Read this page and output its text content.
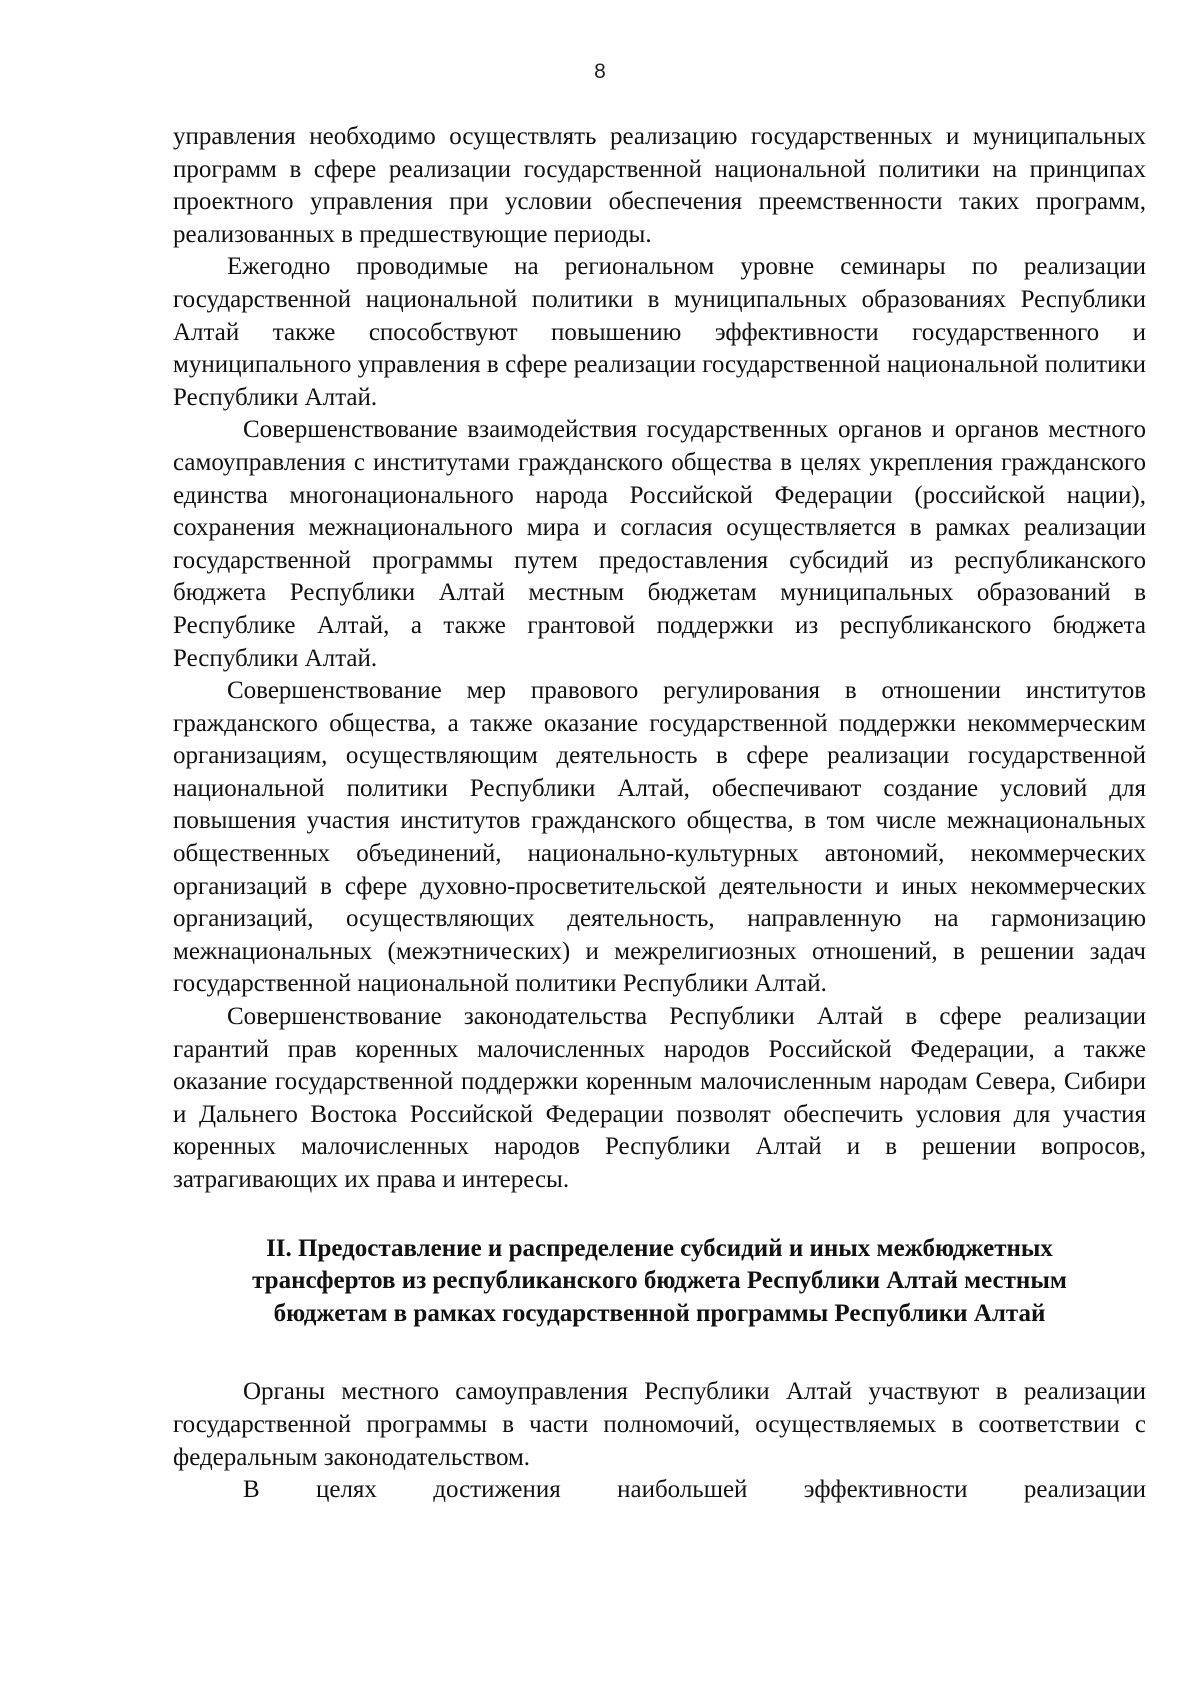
8

управления необходимо осуществлять реализацию государственных и муниципальных программ в сфере реализации государственной национальной политики на принципах проектного управления при условии обеспечения преемственности таких программ, реализованных в предшествующие периоды.

Ежегодно проводимые на региональном уровне семинары по реализации государственной национальной политики в муниципальных образованиях Республики Алтай также способствуют повышению эффективности государственного и муниципального управления в сфере реализации государственной национальной политики Республики Алтай.

Совершенствование взаимодействия государственных органов и органов местного самоуправления с институтами гражданского общества в целях укрепления гражданского единства многонационального народа Российской Федерации (российской нации), сохранения межнационального мира и согласия осуществляется в рамках реализации государственной программы путем предоставления субсидий из республиканского бюджета Республики Алтай местным бюджетам муниципальных образований в Республике Алтай, а также грантовой поддержки из республиканского бюджета Республики Алтай.

Совершенствование мер правового регулирования в отношении институтов гражданского общества, а также оказание государственной поддержки некоммерческим организациям, осуществляющим деятельность в сфере реализации государственной национальной политики Республики Алтай, обеспечивают создание условий для повышения участия институтов гражданского общества, в том числе межнациональных общественных объединений, национально-культурных автономий, некоммерческих организаций в сфере духовно-просветительской деятельности и иных некоммерческих организаций, осуществляющих деятельность, направленную на гармонизацию межнациональных (межэтнических) и межрелигиозных отношений, в решении задач государственной национальной политики Республики Алтай.

Совершенствование законодательства Республики Алтай в сфере реализации гарантий прав коренных малочисленных народов Российской Федерации, а также оказание государственной поддержки коренным малочисленным народам Севера, Сибири и Дальнего Востока Российской Федерации позволят обеспечить условия для участия коренных малочисленных народов Республики Алтай и в решении вопросов, затрагивающих их права и интересы.

II. Предоставление и распределение субсидий и иных межбюджетных трансфертов из республиканского бюджета Республики Алтай местным бюджетам в рамках государственной программы Республики Алтай

Органы местного самоуправления Республики Алтай участвуют в реализации государственной программы в части полномочий, осуществляемых в соответствии с федеральным законодательством.

В целях достижения наибольшей эффективности реализации
